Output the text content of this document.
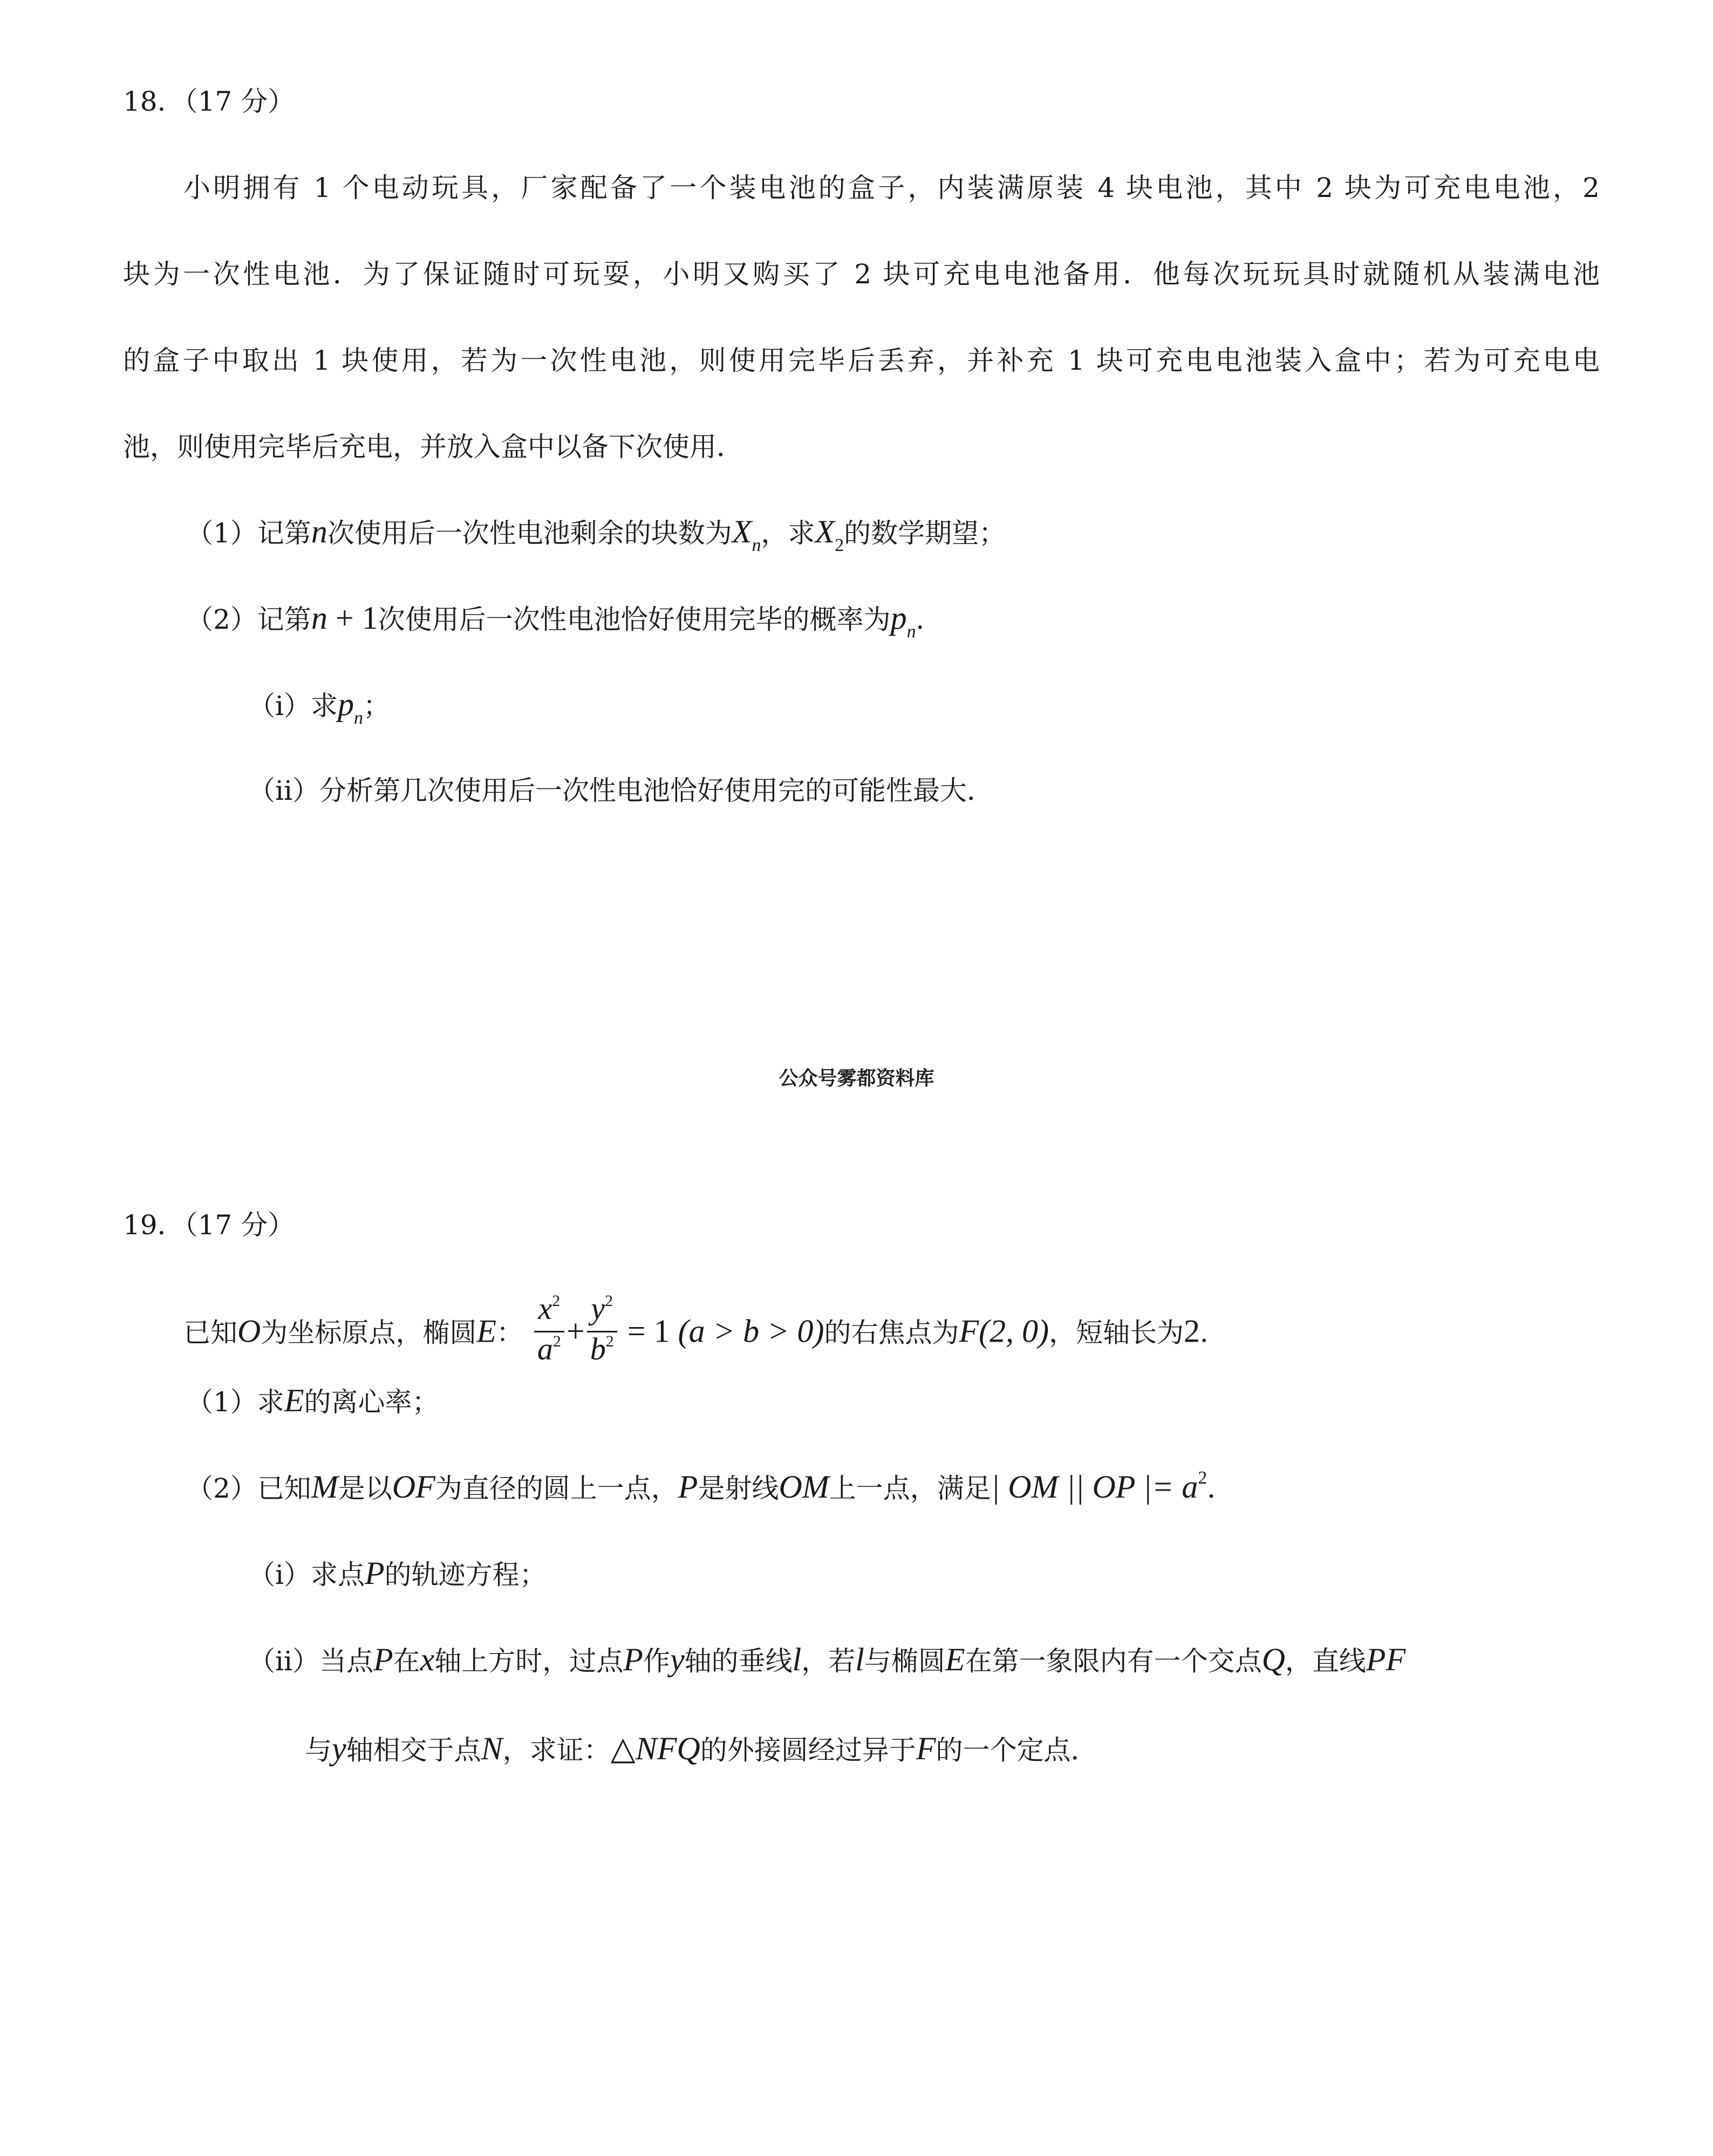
18．（17 分）
小明拥有 1 个电动玩具，厂家配备了一个装电池的盒子，内装满原装 4 块电池，其中 2 块为可充电电池，2
块为一次性电池．为了保证随时可玩耍，小明又购买了 2 块可充电电池备用．他每次玩玩具时就随机从装满电池
的盒子中取出 1 块使用，若为一次性电池，则使用完毕后丢弃，并补充 1 块可充电电池装入盒中；若为可充电电
池，则使用完毕后充电，并放入盒中以备下次使用．
（1）记第n次使用后一次性电池剩余的块数为$X_n$，求$X_2$的数学期望；
（2）记第n + 1次使用后一次性电池恰好使用完毕的概率为$p_n$．
（i）求$p_n$；
（ii）分析第几次使用后一次性电池恰好使用完的可能性最大．
公众号雾都资料库
19．（17 分）
已知O为坐标原点，椭圆E： $\frac{x^2}{a^2} + \frac{y^2}{b^2} = 1$ (a > b > 0)的右焦点为F(2, 0)，短轴长为2．
（1）求E的离心率；
（2）已知M是以OF为直径的圆上一点，P是射线OM上一点，满足| OM || OP |= $a^2$．
（i）求点P的轨迹方程；
（ii）当点P在x轴上方时，过点P作y轴的垂线l，若l与椭圆E在第一象限内有一个交点Q，直线PF
与y轴相交于点N，求证：△NFQ的外接圆经过异于F的一个定点．
